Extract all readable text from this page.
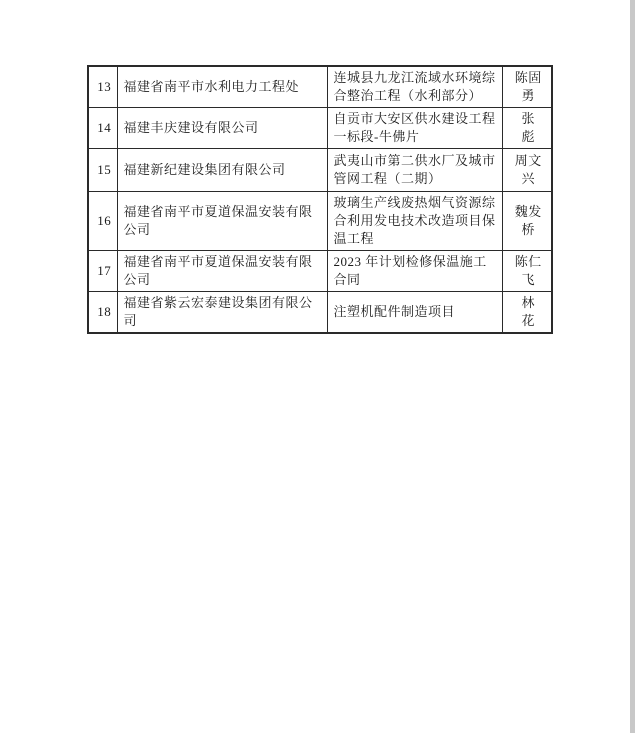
13	福建省南平市水利电力工程处	连城县九龙江流域水环境综合整治工程（水利部分）	陈固勇
14	福建丰庆建设有限公司	自贡市大安区供水建设工程一标段-牛佛片	张　彪
15	福建新纪建设集团有限公司	武夷山市第二供水厂及城市管网工程（二期）	周文兴
16	福建省南平市夏道保温安装有限公司	玻璃生产线废热烟气资源综合利用发电技术改造项目保温工程	魏发桥
17	福建省南平市夏道保温安装有限公司	2023 年计划检修保温施工合同	陈仁飞
18	福建省紫云宏泰建设集团有限公司	注塑机配件制造项目	林　花
